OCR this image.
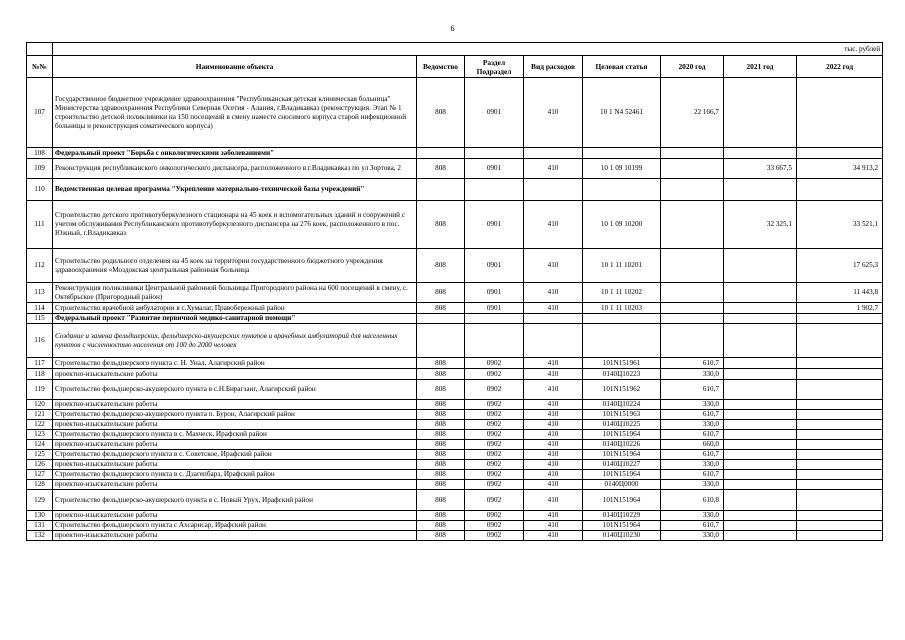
6
	тыс. рублей							
№№	Наименование объекта	Ведомство	Раздел Подраздел	Вид расходов	Целевая статья	2020 год	2021 год	2022 год
107	Государственное бюджетное учреждение здравоохранения "Республиканская детская клиническая больница" Министерства здравоохранения Республики Северная Осетия - Алания, г.Владикавказ (реконструкция. Этап № 1 строительство детской поликлиники на 150 посещений в смену наместе сносимого корпуса старой инфекционной больницы и реконструкция соматического корпуса)	808	0901	410	10 1 N4 52461	22 166,7		
108	Федеральный проект "Борьба с онкологическими заболеваниями"							
109	Реконструкция республиканского онкологического диспансера, расположенного в г.Владикавказ по ул Зортова, 2	808	0901	410	10 1 09 10199		33 667,5	34 913,2
110	Ведомственная целевая программа "Укрепление материально-технической базы учреждений"							
111	Строительство детского противотуберкулезного стационара на 45 коек и вспомогательных зданий и сооружений с учетом обслуживания Республиканского противотуберкулезного диспансера на 276 коек, расположенного в пос. Южный, г.Владикавказ	808	0901	410	10 1 09 10200		32 325,1	33 521,1
112	Строительство родильного отделения на 45 коек на территории государственного бюджетного учреждения здравоохранения «Моздокская центральная районная больница	808	0901	410	10 1 11 10201			17 625,3
113	Реконструкция поликлиники Центральной районной больницы Пригородного района на 600 посещений в смену, с. Октябрьское (Пригородный район)	808	0901	410	10 1 11 10202			11 443,8
114	Строительство врачебной амбулатории в с.Хумалаг, Правобережный район	808	0901	410	10 1 11 10203			1 902,7
115	Федеральный проект "Развитие первичной медико-санитарной помощи"							
116	Создание и замена фельдшерских, фельдшерско-акушерских пунктов и врачебных амбулаторий для населенных пунктов с численностью населения от 100 до 2000 человек							
117	Строительство фельдшерского пункта с. Н. Унал, Алагирский район	808	0902	410	101N151961	610,7		
118	проектно-изыскательские работы	808	0902	410	0140Ц10223	330,0		
119	Строительство фельдшерско-акушерского пункта в с.Н.Бирагзанг, Алагирский район	808	0902	410	101N151962	610,7		
120	проектно-изыскательские работы	808	0902	410	0140Ц10224	330,0		
121	Строительство фельдшерско-акушерского пункта п. Бурон, Алагирский район	808	0902	410	101N151963	610,7		
122	проектно-изыскательские работы	808	0902	410	0140Ц10225	330,0		
123	Строительство фельдшерского пункта в с. Махческ, Ирафский район	808	0902	410	101N151964	610,7		
124	проектно-изыскательские работы	808	0902	410	0140Ц10226	660,0		
125	Строительство фельдшерского пункта в с. Советское, Ирафский район	808	0902	410	101N151964	610,7		
126	проектно-изыскательские работы	808	0902	410	0140Ц10227	330,0		
127	Строительство фельдшерского пункта в с. Дзагепбарз, Ирафский район	808	0902	410	101N151964	610,7		
128	проектно-изыскательские работы	808	0902	410	0140Ц0000	330,0		
129	Строительство фельдшерско-акушерского пункта в с. Новый Урух, Ирафский район	808	0902	410	101N151964	610,8		
130	проектно-изыскательские работы	808	0902	410	0140Ц10229	330,0		
131	Строительство фельдшерского пункта с Ахсарисар, Ирафский район	808	0902	410	101N151964	610,7		
132	проектно-изыскательские работы	808	0902	410	0140Ц10230	330,0		
